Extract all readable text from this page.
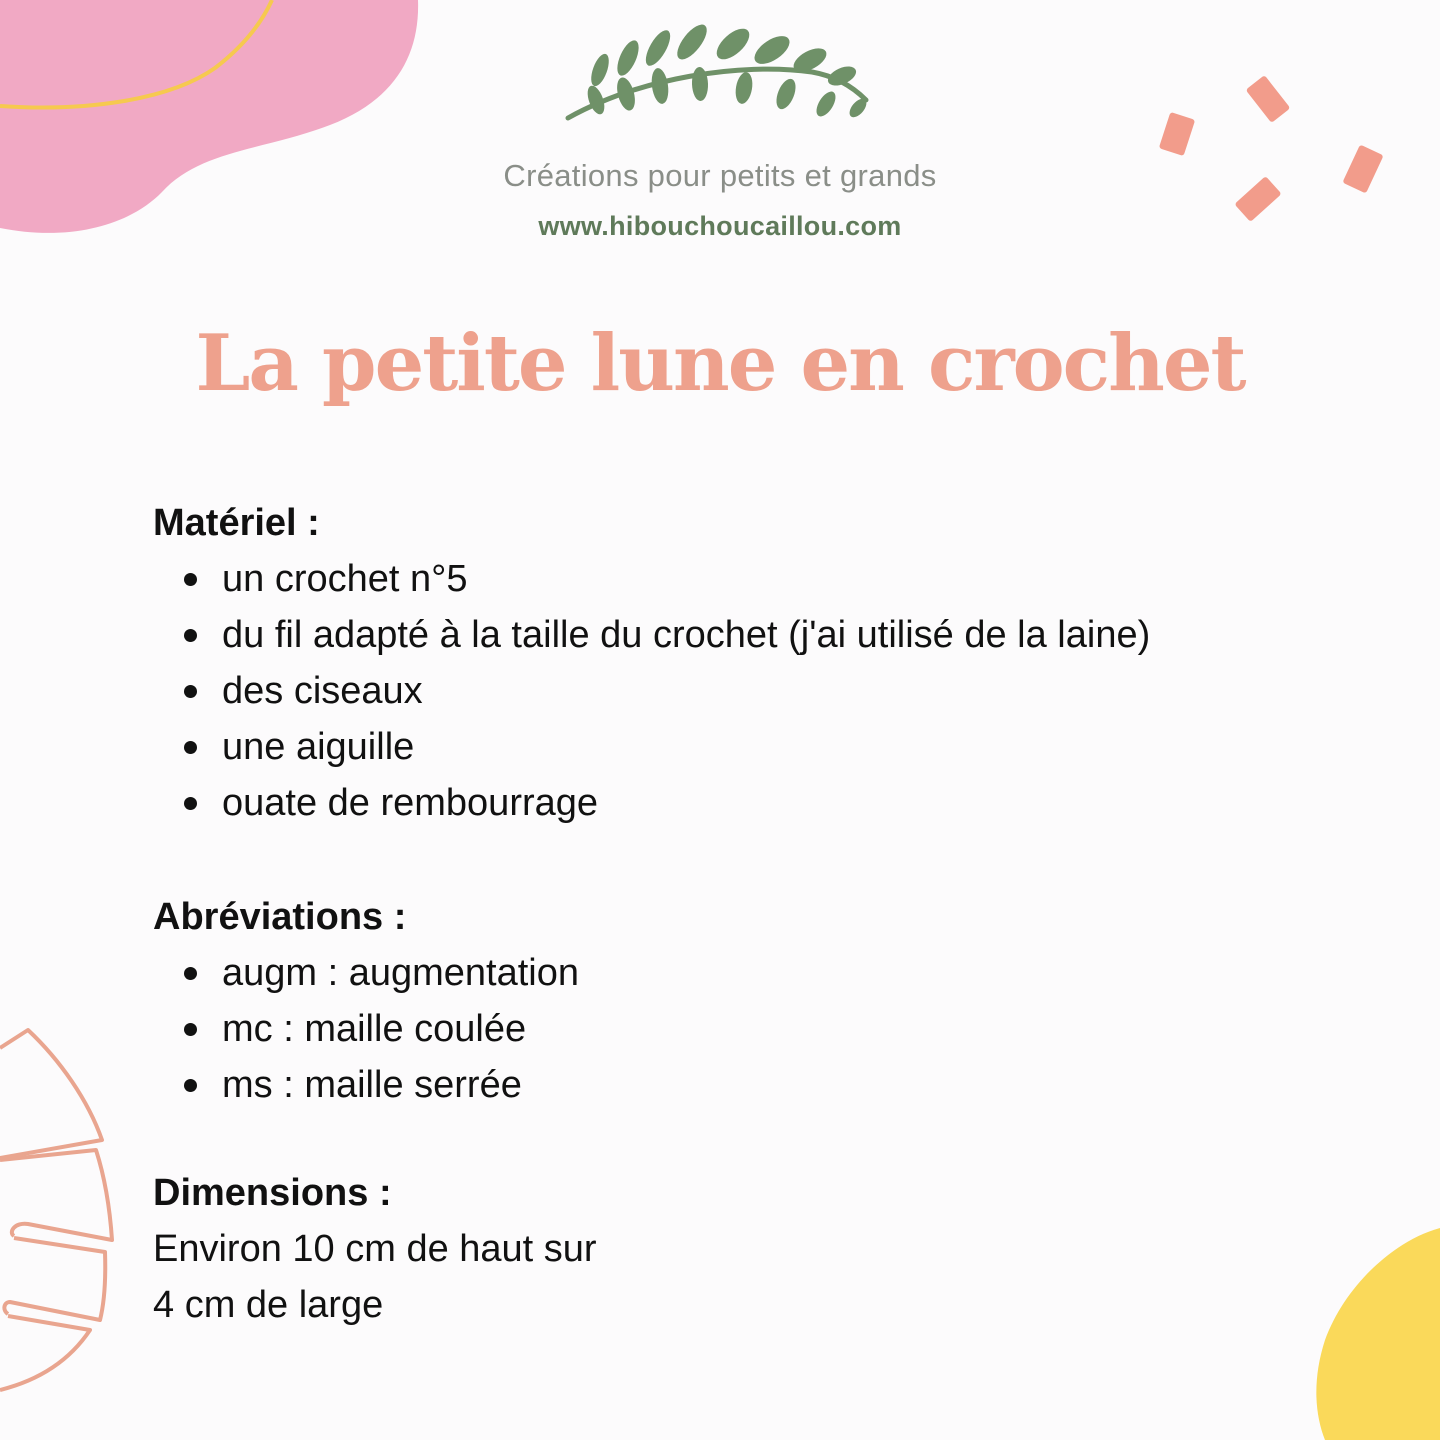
Créations pour petits et grands
www.hibouchoucaillou.com
La petite lune en crochet
Matériel :
un crochet n°5
du fil adapté à la taille du crochet (j'ai utilisé de la laine)
des ciseaux
une aiguille
ouate de rembourrage
Abréviations :
augm : augmentation
mc : maille coulée
ms : maille serrée
Dimensions :
Environ 10 cm de haut sur
4 cm de large
